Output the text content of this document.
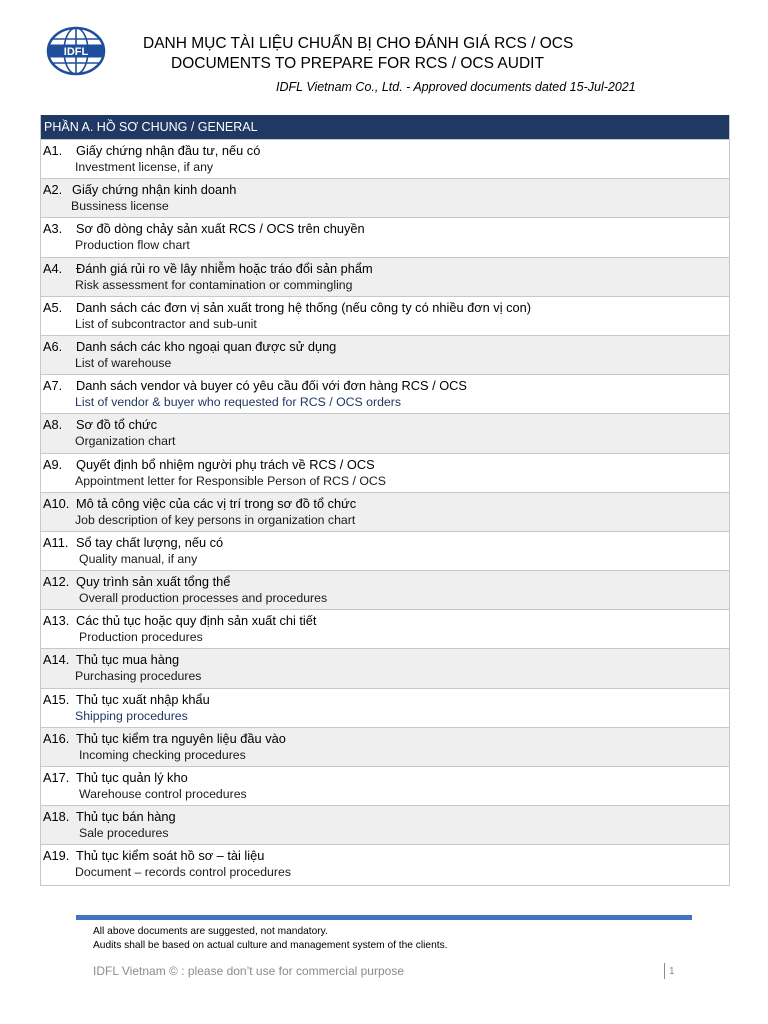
IDFL	DANH MỤC TÀI LIỆU CHUẨN BỊ CHO ĐÁNH GIÁ RCS / OCS
DOCUMENTS TO PREPARE FOR RCS / OCS AUDIT
IDFL Vietnam Co., Ltd. - Approved documents dated 15-Jul-2021
PHẦN A. HỒ SƠ CHUNG / GENERAL
A1. Giấy chứng nhận đầu tư, nếu có
Investment license, if any
A2. Giấy chứng nhận kinh doanh
Bussiness license
A3. Sơ đồ dòng chảy sản xuất RCS / OCS trên chuyền
Production flow chart
A4. Đánh giá rủi ro về lây nhiễm hoặc tráo đổi sản phẩm
Risk assessment for contamination or commingling
A5. Danh sách các đơn vị sản xuất trong hệ thống (nếu công ty có nhiều đơn vị con)
List of subcontractor and sub-unit
A6. Danh sách các kho ngoại quan được sử dụng
List of warehouse
A7. Danh sách vendor và buyer có yêu cầu đối với đơn hàng RCS / OCS
List of vendor & buyer who requested for RCS / OCS orders
A8. Sơ đồ tổ chức
Organization chart
A9. Quyết định bổ nhiệm người phụ trách về RCS / OCS
Appointment letter for Responsible Person of RCS / OCS
A10. Mô tả công việc của các vị trí trong sơ đồ tổ chức
Job description of key persons in organization chart
A11. Sổ tay chất lượng, nếu có
Quality manual, if any
A12. Quy trình sản xuất tổng thể
Overall production processes and procedures
A13. Các thủ tục hoặc quy định sản xuất chi tiết
Production procedures
A14. Thủ tục mua hàng
Purchasing procedures
A15. Thủ tục xuất nhập khẩu
Shipping procedures
A16. Thủ tục kiểm tra nguyên liệu đầu vào
Incoming checking procedures
A17. Thủ tục quản lý kho
Warehouse control procedures
A18. Thủ tục bán hàng
Sale procedures
A19. Thủ tục kiểm soát hồ sơ – tài liệu
Document – records control procedures
All above documents are suggested, not mandatory.
Audits shall be based on actual culture and management system of the clients.
IDFL Vietnam © : please don’t use for commercial purpose	1
